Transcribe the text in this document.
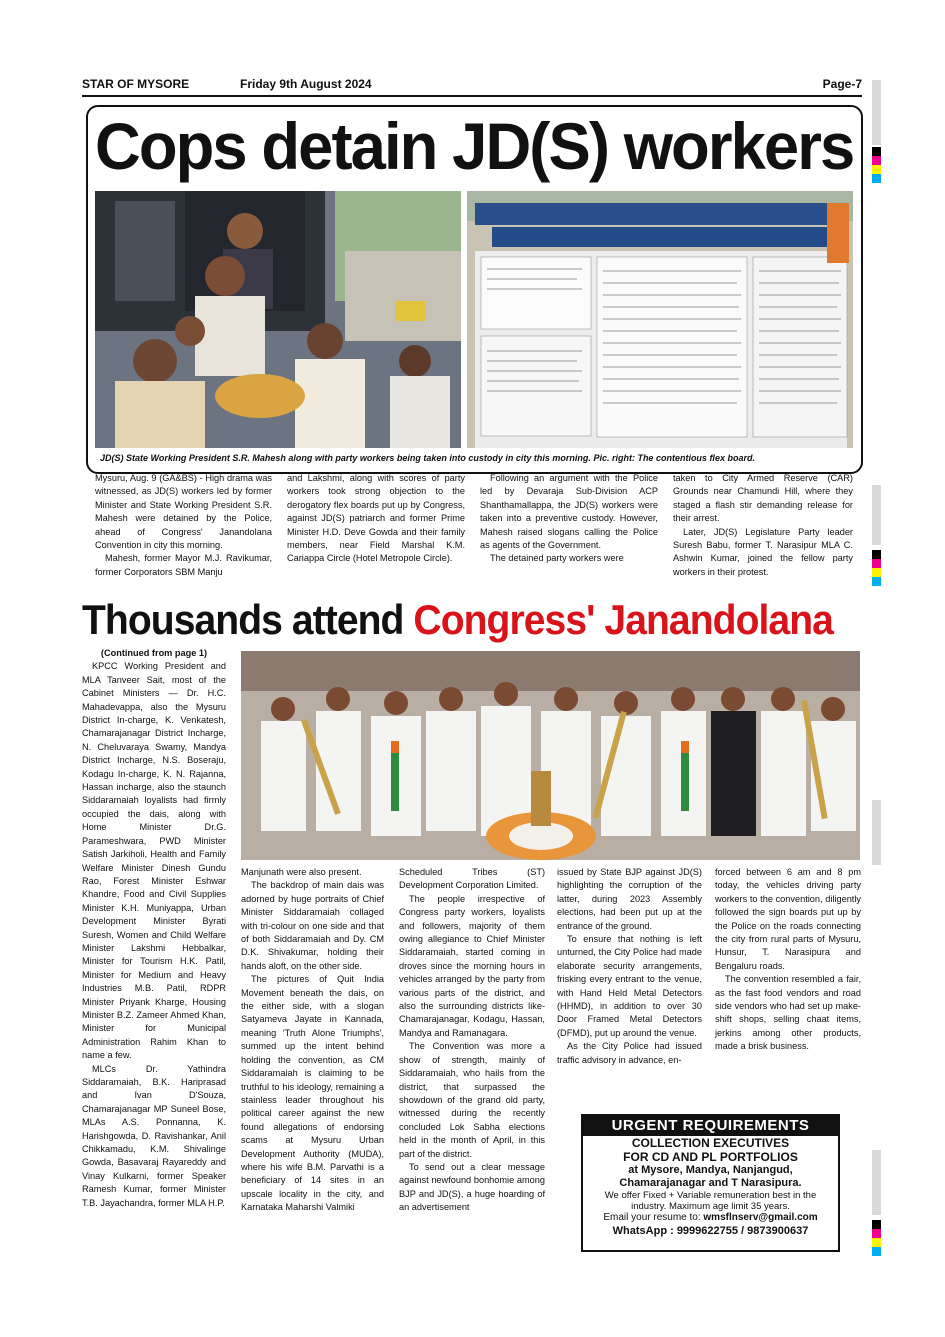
STAR OF MYSORE	Friday 9th August 2024	Page-7
Cops detain JD(S) workers
JD(S) State Working President S.R. Mahesh along with party workers being taken into custody in city this morning. Pic. right: The contentious flex board.

Mysuru, Aug. 9 (GA&BS) - High drama was witnessed, as JD(S) workers led by former Minister and State Working President S.R. Mahesh were detained by the Police, ahead of Congress' Janandolana Convention in city this morning.

Mahesh, former Mayor M.J. Ravikumar, former Corporators SBM Manju

and Lakshmi, along with scores of party workers took strong objection to the derogatory flex boards put up by Congress, against JD(S) patriarch and former Prime Minister H.D. Deve Gowda and their family members, near Field Marshal K.M. Cariappa Circle (Hotel Metropole Circle).

Following an argument with the Police led by Devaraja Sub-Division ACP Shanthamallappa, the JD(S) workers were taken into a preventive custody. However, Mahesh raised slogans calling the Police as agents of the Government.

The detained party workers were

taken to City Armed Reserve (CAR) Grounds near Chamundi Hill, where they staged a flash stir demanding release for their arrest.

Later, JD(S) Legislature Party leader Suresh Babu, former T. Narasipur MLA C. Ashwin Kumar, joined the fellow party workers in their protest.

Thousands attend Congress' Janandolana

(Continued from page 1)

KPCC Working President and MLA Tanveer Sait, most of the Cabinet Ministers — Dr. H.C. Mahadevappa, also the Mysuru District In-charge, K. Venkatesh, Chamarajanagar District Incharge, N. Cheluvaraya Swamy, Mandya District Incharge, N.S. Boseraju, Kodagu In-charge, K. N. Rajanna, Hassan incharge, also the staunch Siddaramaiah loyalists had firmly occupied the dais, along with Home Minister Dr.G. Parameshwara, PWD Minister Satish Jarkiholi, Health and Family Welfare Minister Dinesh Gundu Rao, Forest Minister Eshwar Khandre, Food and Civil Supplies Minister K.H. Muniyappa, Urban Development Minister Byrati Suresh, Women and Child Welfare Minister Lakshmi Hebbalkar, Minister for Tourism H.K. Patil, Minister for Medium and Heavy Industries M.B. Patil, RDPR Minister Priyank Kharge, Housing Minister B.Z. Zameer Ahmed Khan, Minister for Municipal Administration Rahim Khan to name a few.

MLCs Dr. Yathindra Siddaramaiah, B.K. Hariprasad and Ivan D'Souza, Chamarajanagar MP Suneel Bose, MLAs A.S. Ponnanna, K. Harishgowda, D. Ravishankar, Anil Chikkamadu, K.M. Shivalinge Gowda, Basavaraj Rayareddy and Vinay Kulkarni, former Speaker Ramesh Kumar, former Minister T.B. Jayachandra, former MLA H.P.

Manjunath were also present.

The backdrop of main dais was adorned by huge portraits of Chief Minister Siddaramaiah collaged with tri-colour on one side and that of both Siddaramaiah and Dy. CM D.K. Shivakumar, holding their hands aloft, on the other side.

The pictures of Quit India Movement beneath the dais, on the either side, with a slogan Satyameva Jayate in Kannada, meaning 'Truth Alone Triumphs', summed up the intent behind holding the convention, as CM Siddaramaiah is claiming to be truthful to his ideology, remaining a stainless leader throughout his political career against the new found allegations of endorsing scams at Mysuru Urban Development Authority (MUDA), where his wife B.M. Parvathi is a beneficiary of 14 sites in an upscale locality in the city, and Karnataka Maharshi Valmiki

Scheduled Tribes (ST) Development Corporation Limited.

The people irrespective of Congress party workers, loyalists and followers, majority of them owing allegiance to Chief Minister Siddaramaiah, started coming in droves since the morning hours in vehicles arranged by the party from various parts of the district, and also the surrounding districts like-Chamarajanagar, Kodagu, Hassan, Mandya and Ramanagara.

The Convention was more a show of strength, mainly of Siddaramaiah, who hails from the district, that surpassed the showdown of the grand old party, witnessed during the recently concluded Lok Sabha elections held in the month of April, in this part of the district.

To send out a clear message against newfound bonhomie among BJP and JD(S), a huge hoarding of an advertisement

issued by State BJP against JD(S) highlighting the corruption of the latter, during 2023 Assembly elections, had been put up at the entrance of the ground.

To ensure that nothing is left unturned, the City Police had made elaborate security arrangements, frisking every entrant to the venue, with Hand Held Metal Detectors (HHMD), in addition to over 30 Door Framed Metal Detectors (DFMD), put up around the venue.

As the City Police had issued traffic advisory in advance, en-

forced between 6 am and 8 pm today, the vehicles driving party workers to the convention, diligently followed the sign boards put up by the Police on the roads connecting the city from rural parts of Mysuru, Hunsur, T. Narasipura and Bengaluru roads.

The convention resembled a fair, as the fast food vendors and road side vendors who had set up make-shift shops, selling chaat items, jerkins among other products, made a brisk business.

URGENT REQUIREMENTS
COLLECTION EXECUTIVES
FOR CD AND PL PORTFOLIOS
at Mysore, Mandya, Nanjangud,
Chamarajanagar and T Narasipura.
We offer Fixed + Variable remuneration best in the
industry. Maximum age limit 35 years.
Email your resume to: wmsflnserv@gmail.com
WhatsApp : 9999622755 / 9873900637
